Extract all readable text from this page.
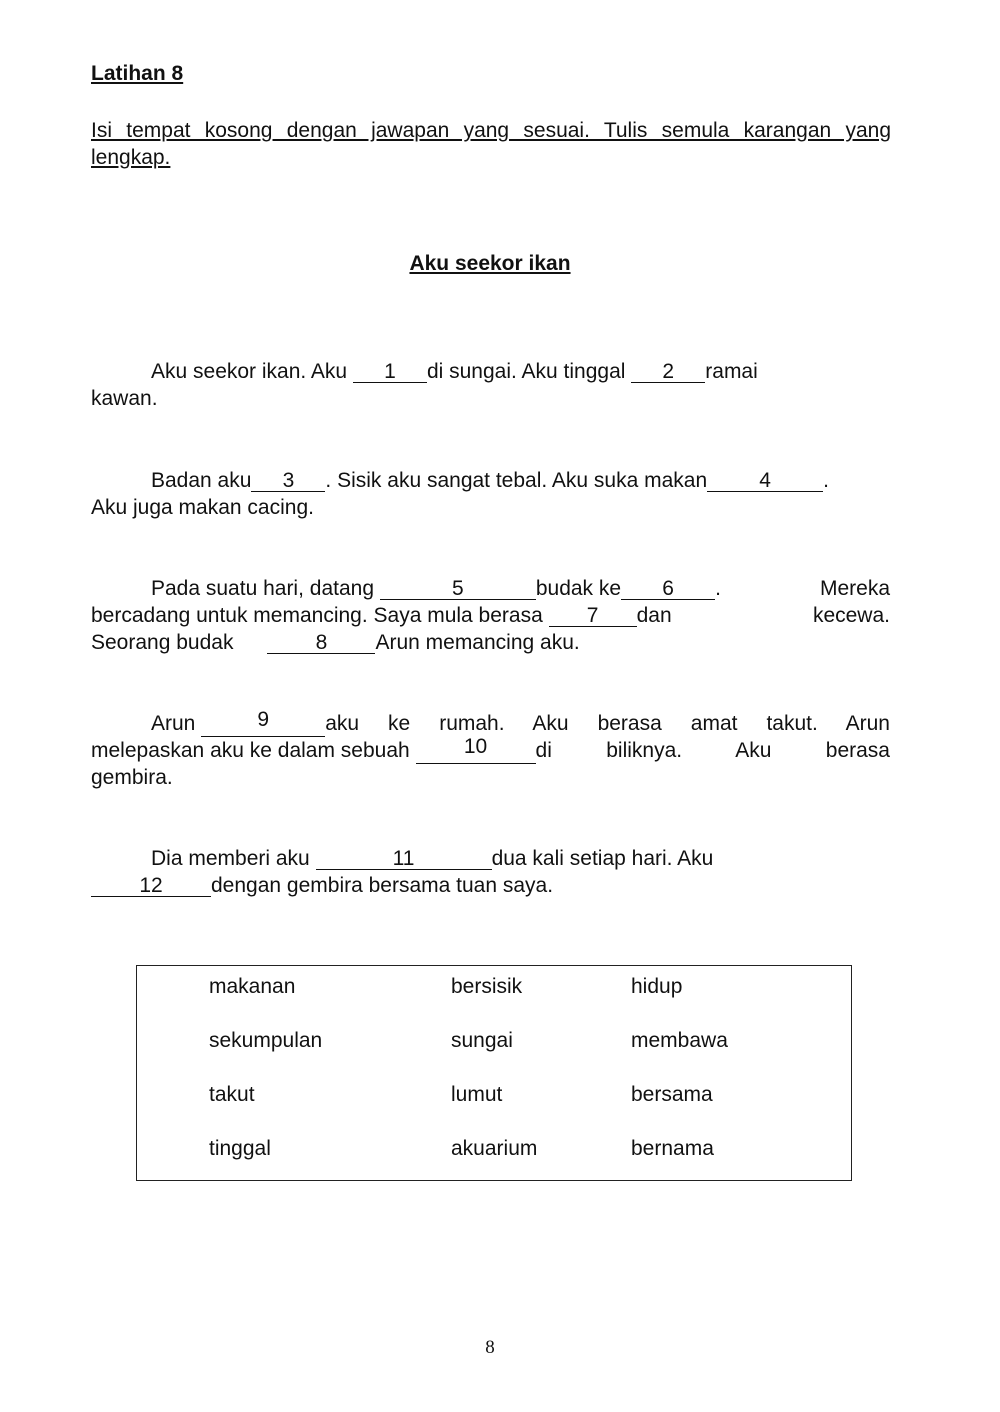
Latihan 8
Isi tempat kosong dengan jawapan yang sesuai. Tulis semula karangan yang lengkap.
Aku seekor ikan
Aku seekor ikan. Aku 1 di sungai. Aku tinggal 2 ramai
kawan.
Badan aku 3 . Sisik aku sangat tebal. Aku suka makan 4 .
Aku juga makan cacing.
Pada suatu hari, datang	5	budak ke 6 .	Mereka
bercadang untuk memancing. Saya mula berasa 7 dan	kecewa.
Seorang budak	8 Arun memancing aku.
Arun	9	aku ke rumah. Aku berasa amat takut. Arun
melepaskan aku ke dalam sebuah	10	di biliknya. Aku berasa
gembira.
Dia memberi aku	11	dua kali setiap hari. Aku
12 dengan gembira bersama tuan saya.
makanan	bersisik	hidup
sekumpulan	sungai	membawa
takut	lumut	bersama
tinggal	akuarium	bernama
8
